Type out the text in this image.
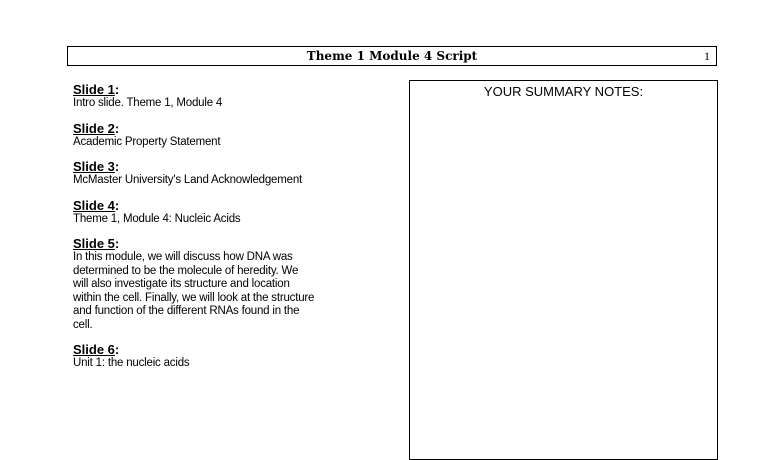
Theme 1 Module 4 Script	1
Slide 1:
Intro slide. Theme 1, Module 4
Slide 2:
Academic Property Statement
Slide 3:
McMaster University's Land Acknowledgement
Slide 4:
Theme 1, Module 4: Nucleic Acids
Slide 5:
In this module, we will discuss how DNA was
determined to be the molecule of heredity. We
will also investigate its structure and location
within the cell. Finally, we will look at the structure
and function of the different RNAs found in the
cell.
Slide 6:
Unit 1: the nucleic acids
YOUR SUMMARY NOTES:
